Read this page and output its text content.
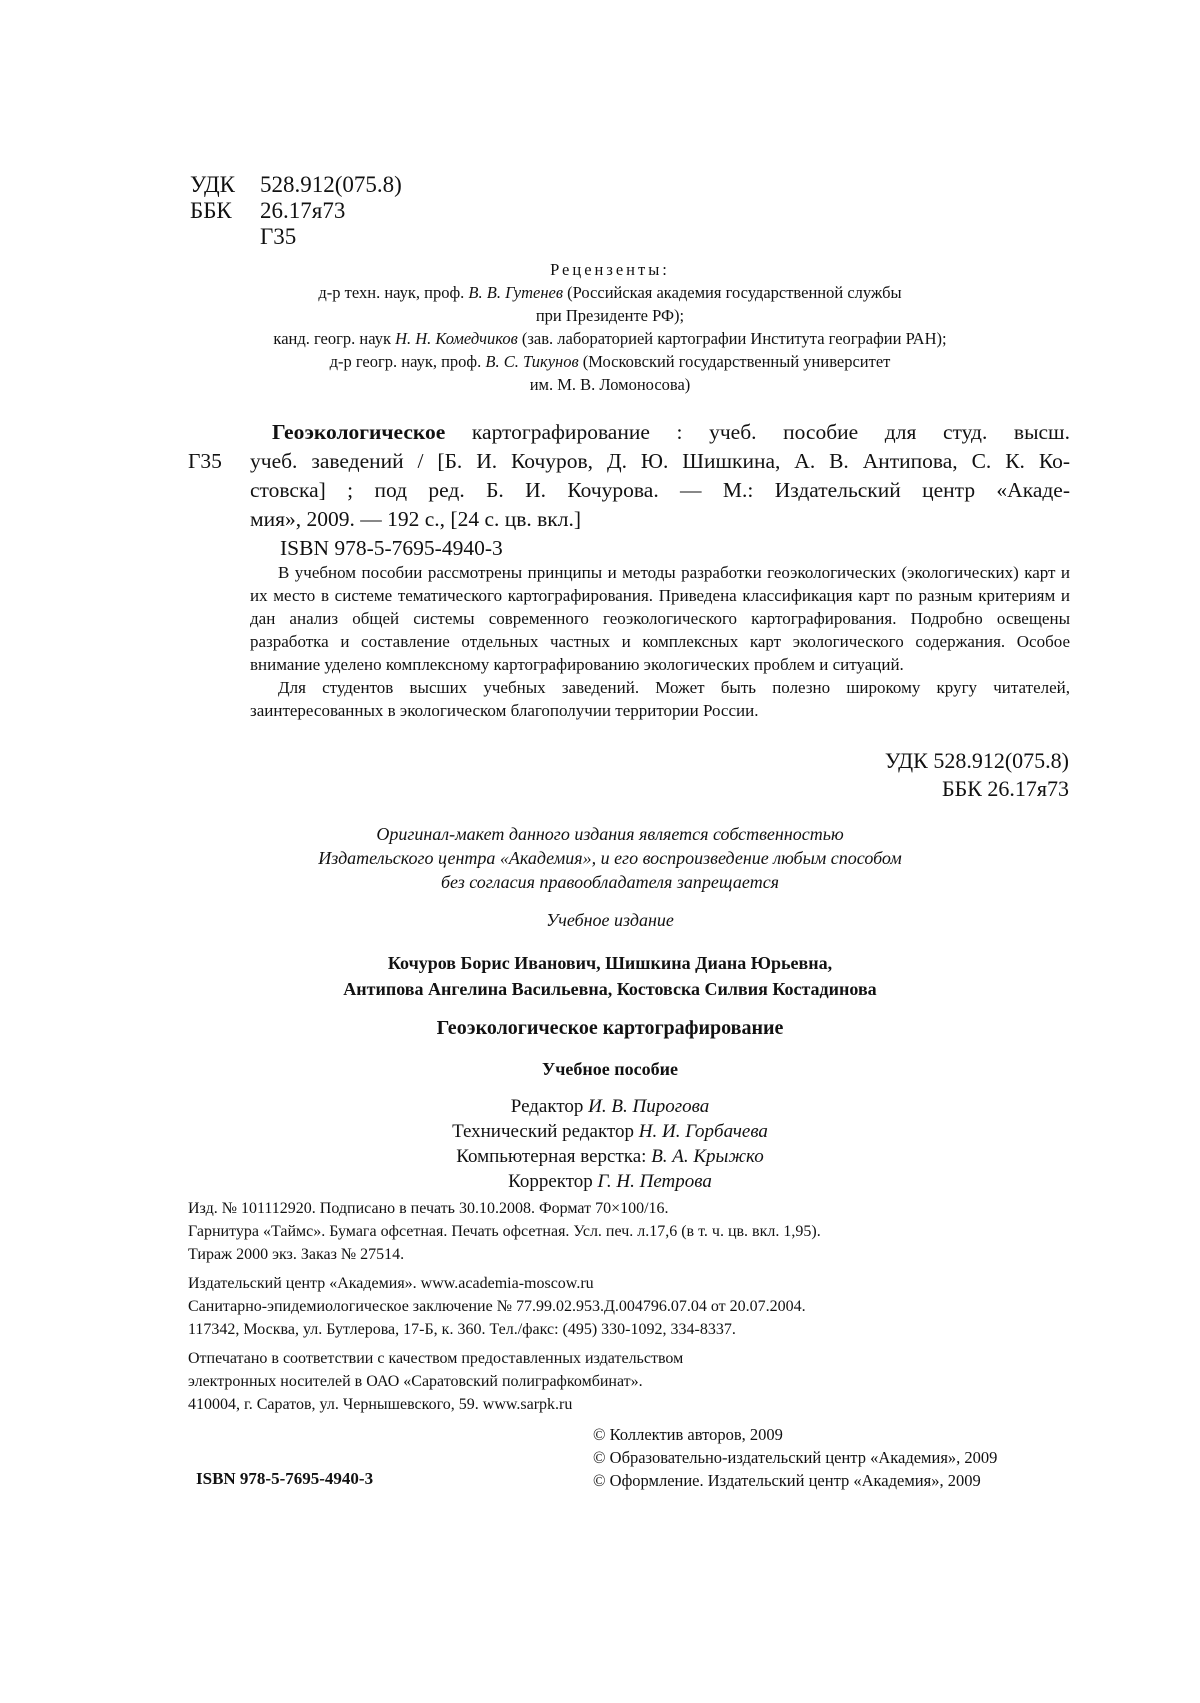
УДК	528.912(075.8)
ББК	26.17я73
Г35
Рецензенты:
д-р техн. наук, проф. В. В. Гутенев (Российская академия государственной службы
при Президенте РФ);
канд. геогр. наук Н. Н. Комедчиков (зав. лабораторией картографии Института географии РАН);
д-р геогр. наук, проф. В. С. Тикунов (Московский государственный университет
им. М. В. Ломоносова)
Геоэкологическое картографирование : учеб. пособие для студ. высш.
учеб. заведений / [Б. И. Кочуров, Д. Ю. Шишкина, А. В. Антипова, С. К. Ко-
стовска] ; под ред. Б. И. Кочурова. — М.: Издательский центр «Акаде-
мия», 2009. — 192 с., [24 с. цв. вкл.]
ISBN 978-5-7695-4940-3
Г35

В учебном пособии рассмотрены принципы и методы разработки геоэкологических (экологических) карт и их место в системе тематического картографирования. Приведена классификация карт по разным критериям и дан анализ общей системы современного геоэкологического картографирования. Подробно освещены разработка и составление отдельных частных и комплексных карт экологического содержания. Особое внимание уделено комплексному картографированию экологических проблем и ситуаций.

Для студентов высших учебных заведений. Может быть полезно широкому кругу читателей, заинтересованных в экологическом благополучии территории России.

УДК 528.912(075.8)
ББК 26.17я73
Оригинал-макет данного издания является собственностью
Издательского центра «Академия», и его воспроизведение любым способом
без согласия правообладателя запрещается
Учебное издание
Кочуров Борис Иванович, Шишкина Диана Юрьевна,
Антипова Ангелина Васильевна, Костовска Силвия Костадинова
Геоэкологическое картографирование
Учебное пособие
Редактор И. В. Пирогова
Технический редактор Н. И. Горбачева
Компьютерная верстка: В. А. Крыжко
Корректор Г. Н. Петрова
Изд. № 101112920. Подписано в печать 30.10.2008. Формат 70×100/16.
Гарнитура «Таймс». Бумага офсетная. Печать офсетная. Усл. печ. л.17,6 (в т. ч. цв. вкл. 1,95).
Тираж 2000 экз. Заказ № 27514.
Издательский центр «Академия». www.academia-moscow.ru
Санитарно-эпидемиологическое заключение № 77.99.02.953.Д.004796.07.04 от 20.07.2004.
117342, Москва, ул. Бутлерова, 17-Б, к. 360. Тел./факс: (495) 330-1092, 334-8337.
Отпечатано в соответствии с качеством предоставленных издательством
электронных носителей в ОАО «Саратовский полиграфкомбинат».
410004, г. Саратов, ул. Чернышевского, 59. www.sarpk.ru
© Коллектив авторов, 2009
© Образовательно-издательский центр «Академия», 2009
© Оформление. Издательский центр «Академия», 2009
ISBN 978-5-7695-4940-3
